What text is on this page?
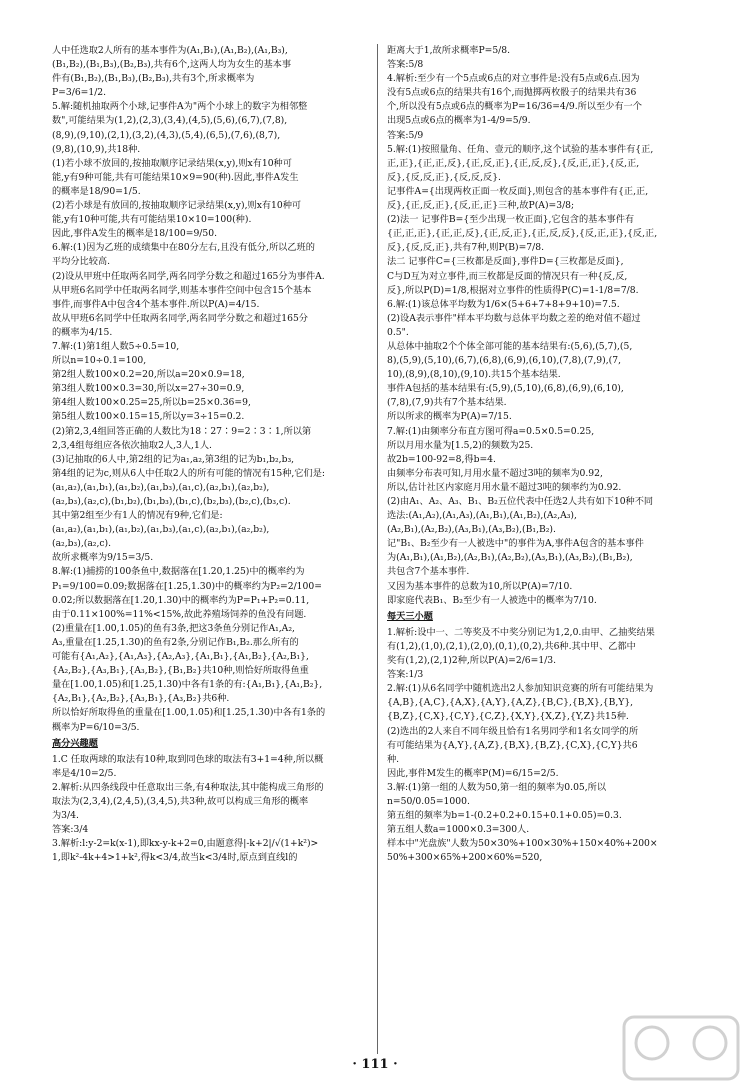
人中任选取2人所有的基本事件为(A₁,B₁),(A₁,B₂),(A₁,B₃),
(B₁,B₂),(B₁,B₃),(B₂,B₃),共有6个,这两人均为女生的基本事
件有(B₁,B₂),(B₁,B₃),(B₂,B₃),共有3个,所求概率为
P=3/6=1/2.
5.解:随机抽取两个小球,记事件A为"两个小球上的数字为相邻整
数",可能结果为(1,2),(2,3),(3,4),(4,5),(5,6),(6,7),(7,8),
(8,9),(9,10),(2,1),(3,2),(4,3),(5,4),(6,5),(7,6),(8,7),
(9,8),(10,9),共18种.
(1)若小球不放回的,按抽取顺序记录结果(x,y),则x有10种可
能,y有9种可能,共有可能结果10×9=90(种).因此,事件A发生
的概率是18/90=1/5.
(2)若小球是有放回的,按抽取顺序记录结果(x,y),则x有10种可
能,y有10种可能,共有可能结果10×10=100(种).
因此,事件A发生的概率是18/100=9/50.
6.解:(1)因为乙班的成绩集中在80分左右,且没有低分,所以乙班的
平均分比较高.
(2)设从甲班中任取两名同学,两名同学分数之和超过165分为事件A.
从甲班6名同学中任取两名同学,则基本事件空间中包含15个基本
事件,而事件A中包含4个基本事件.所以P(A)=4/15.
故从甲班6名同学中任取两名同学,两名同学分数之和超过165分
的概率为4/15.
7.解:(1)第1组人数5÷0.5=10,
所以n=10÷0.1=100,
第2组人数100×0.2=20,所以a=20×0.9=18,
第3组人数100×0.3=30,所以x=27÷30=0.9,
第4组人数100×0.25=25,所以b=25×0.36=9,
第5组人数100×0.15=15,所以y=3÷15=0.2.
(2)第2,3,4组回答正确的人数比为18∶27∶9=2∶3∶1,所以第
2,3,4组每组应各依次抽取2人,3人,1人.
(3)记抽取的6人中,第2组的记为a₁,a₂,第3组的记为b₁,b₂,b₃,
第4组的记为c,则从6人中任取2人的所有可能的情况有15种,它们是:
(a₁,a₂),(a₁,b₁),(a₁,b₂),(a₁,b₃),(a₁,c),(a₂,b₁),(a₂,b₂),
(a₂,b₃),(a₂,c),(b₁,b₂),(b₁,b₃),(b₁,c),(b₂,b₃),(b₂,c),(b₃,c).
其中第2组至少有1人的情况有9种,它们是:
(a₁,a₂),(a₁,b₁),(a₁,b₂),(a₁,b₃),(a₁,c),(a₂,b₁),(a₂,b₂),
(a₂,b₃),(a₂,c).
故所求概率为9/15=3/5.
8.解:(1)捕捞的100条鱼中,数据落在[1.20,1.25)中的概率约为
P₁=9/100=0.09;数据落在[1.25,1.30)中的概率约为P₂=2/100=
0.02;所以数据落在[1.20,1.30)中的概率约为P=P₁+P₂=0.11,
由于0.11×100%=11%<15%,故此养殖场饲养的鱼没有问题.
(2)重量在[1.00,1.05)的鱼有3条,把这3条鱼分别记作A₁,A₂,
A₃,重量在[1.25,1.30)的鱼有2条,分别记作B₁,B₂.那么所有的
可能有{A₁,A₂},{A₁,A₃},{A₂,A₃},{A₁,B₁},{A₁,B₂},{A₂,B₁},
{A₂,B₂},{A₃,B₁},{A₃,B₂},{B₁,B₂}共10种,则恰好所取得鱼重
量在[1.00,1.05)和[1.25,1.30)中各有1条的有:{A₁,B₁},{A₁,B₂},
{A₂,B₁},{A₂,B₂},{A₃,B₁},{A₃,B₂}共6种.
所以恰好所取得鱼的重量在[1.00,1.05)和[1.25,1.30)中各有1条的
概率为P=6/10=3/5.
高分兴趣题
1.C 任取两球的取法有10种,取到同色球的取法有3+1=4种,所以概
率是4/10=2/5.
2.解析:从四条线段中任意取出三条,有4种取法,其中能构成三角形的
取法为(2,3,4),(2,4,5),(3,4,5),共3种,故可以构成三角形的概率
为3/4.
答案:3/4
3.解析:l:y-2=k(x-1),即kx-y-k+2=0,由题意得|-k+2|/√(1+k²)>
1,即k²-4k+4>1+k²,得k<3/4,故当k<3/4时,原点到直线l的
距离大于1,故所求概率P=5/8.
答案:5/8
4.解析:至少有一个5点或6点的对立事件是:没有5点或6点.因为
没有5点或6点的结果共有16个,而抛掷两枚骰子的结果共有36
个,所以没有5点或6点的概率为P=16/36=4/9.所以至少有一个
出现5点或6点的概率为1-4/9=5/9.
答案:5/9
5.解:(1)按照量角、任角、壹元的顺序,这个试验的基本事件有{正,
正,正},{正,正,反},{正,反,正},{正,反,反},{反,正,正},{反,正,
反},{反,反,正},{反,反,反}.
记事件A={出现两枚正面一枚反面},则包含的基本事件有{正,正,
反},{正,反,正},{反,正,正}三种,故P(A)=3/8;
(2)法一 记事件B={至少出现一枚正面},它包含的基本事件有
{正,正,正},{正,正,反},{正,反,正},{正,反,反},{反,正,正},{反,正,
反},{反,反,正},共有7种,则P(B)=7/8.
法二 记事件C={三枚都是反面},事件D={三枚都是反面},
C与D互为对立事件,而三枚都是反面的情况只有一种{反,反,
反},所以P(D)=1/8,根据对立事件的性质得P(C)=1-1/8=7/8.
6.解:(1)该总体平均数为1/6×(5+6+7+8+9+10)=7.5.
(2)设A表示事件"样本平均数与总体平均数之差的绝对值不超过
0.5".
从总体中抽取2个个体全部可能的基本结果有:(5,6),(5,7),(5,
8),(5,9),(5,10),(6,7),(6,8),(6,9),(6,10),(7,8),(7,9),(7,
10),(8,9),(8,10),(9,10).共15个基本结果.
事件A包括的基本结果有:(5,9),(5,10),(6,8),(6,9),(6,10),
(7,8),(7,9)共有7个基本结果.
所以所求的概率为P(A)=7/15.
7.解:(1)由频率分布直方图可得a=0.5×0.5=0.25,
所以月用水量为[1.5,2)的频数为25.
故2b=100-92=8,得b=4.
由频率分布表可知,月用水量不超过3吨的频率为0.92,
所以,估计社区内家庭月用水量不超过3吨的频率约为0.92.
(2)由A₁、A₂、A₃、B₁、B₂五位代表中任选2人共有如下10种不同
选法:(A₁,A₂),(A₁,A₃),(A₁,B₁),(A₁,B₂),(A₂,A₃),
(A₂,B₁),(A₂,B₂),(A₃,B₁),(A₃,B₂),(B₁,B₂).
记"B₁、B₂至少有一人被选中"的事件为A,事件A包含的基本事件
为(A₁,B₁),(A₁,B₂),(A₂,B₁),(A₂,B₂),(A₃,B₁),(A₃,B₂),(B₁,B₂),
共包含7个基本事件.
又因为基本事件的总数为10,所以P(A)=7/10.
即家庭代表B₁、B₂至少有一人被选中的概率为7/10.
每天三小题
1.解析:设中一、二等奖及不中奖分别记为1,2,0.由甲、乙抽奖结果
有(1,2),(1,0),(2,1),(2,0),(0,1),(0,2),共6种.其中甲、乙都中
奖有(1,2),(2,1)2种,所以P(A)=2/6=1/3.
答案:1/3
2.解:(1)从6名同学中随机选出2人参加知识竞赛的所有可能结果为
{A,B},{A,C},{A,X},{A,Y},{A,Z},{B,C},{B,X},{B,Y},
{B,Z},{C,X},{C,Y},{C,Z},{X,Y},{X,Z},{Y,Z}共15种.
(2)选出的2人来自不同年级且恰有1名男同学和1名女同学的所
有可能结果为{A,Y},{A,Z},{B,X},{B,Z},{C,X},{C,Y}共6
种.
因此,事件M发生的概率P(M)=6/15=2/5.
3.解:(1)第一组的人数为50,第一组的频率为0.05,所以
n=50/0.05=1000.
第五组的频率为b=1-(0.2+0.2+0.15+0.1+0.05)=0.3.
第五组人数a=1000×0.3=300人.
样本中"光盘族"人数为50×30%+100×30%+150×40%+200×
50%+300×65%+200×60%=520,
· 111 ·
